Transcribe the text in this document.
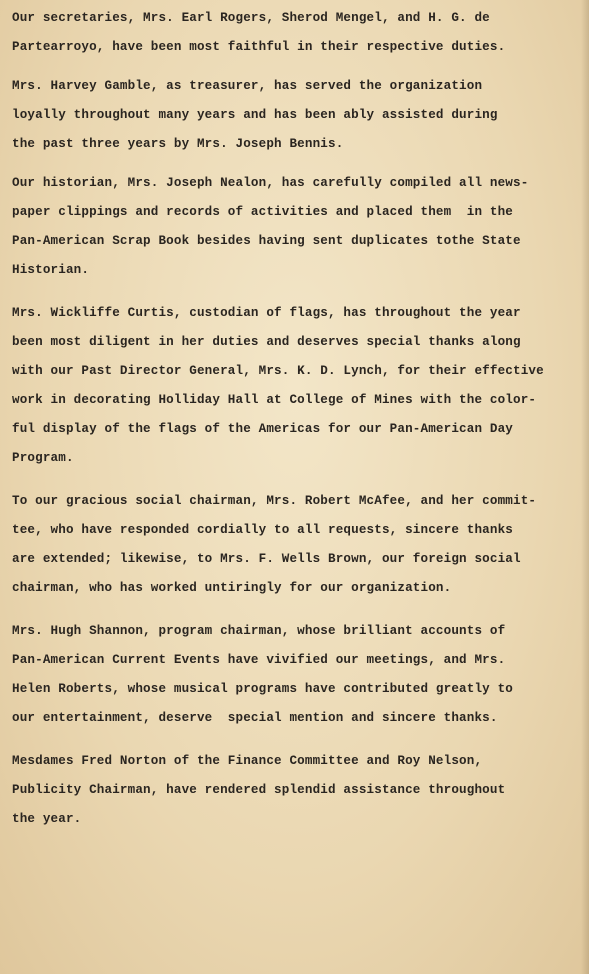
Our secretaries, Mrs. Earl Rogers, Sherod Mengel, and H. G. de
Partearroyo, have been most faithful in their respective duties.
Mrs. Harvey Gamble, as treasurer, has served the organization
loyally throughout many years and has been ably assisted during
the past three years by Mrs. Joseph Bennis.
Our historian, Mrs. Joseph Nealon, has carefully compiled all news-
paper clippings and records of activities and placed them  in the
Pan-American Scrap Book besides having sent duplicates tothe State
Historian.
Mrs. Wickliffe Curtis, custodian of flags, has throughout the year
been most diligent in her duties and deserves special thanks along
with our Past Director General, Mrs. K. D. Lynch, for their effective
work in decorating Holliday Hall at College of Mines with the color-
ful display of the flags of the Americas for our Pan-American Day
Program.
To our gracious social chairman, Mrs. Robert McAfee, and her commit-
tee, who have responded cordially to all requests, sincere thanks
are extended; likewise, to Mrs. F. Wells Brown, our foreign social
chairman, who has worked untiringly for our organization.
Mrs. Hugh Shannon, program chairman, whose brilliant accounts of
Pan-American Current Events have vivified our meetings, and Mrs.
Helen Roberts, whose musical programs have contributed greatly to
our entertainment, deserve  special mention and sincere thanks.
Mesdames Fred Norton of the Finance Committee and Roy Nelson,
Publicity Chairman, have rendered splendid assistance throughout
the year.
